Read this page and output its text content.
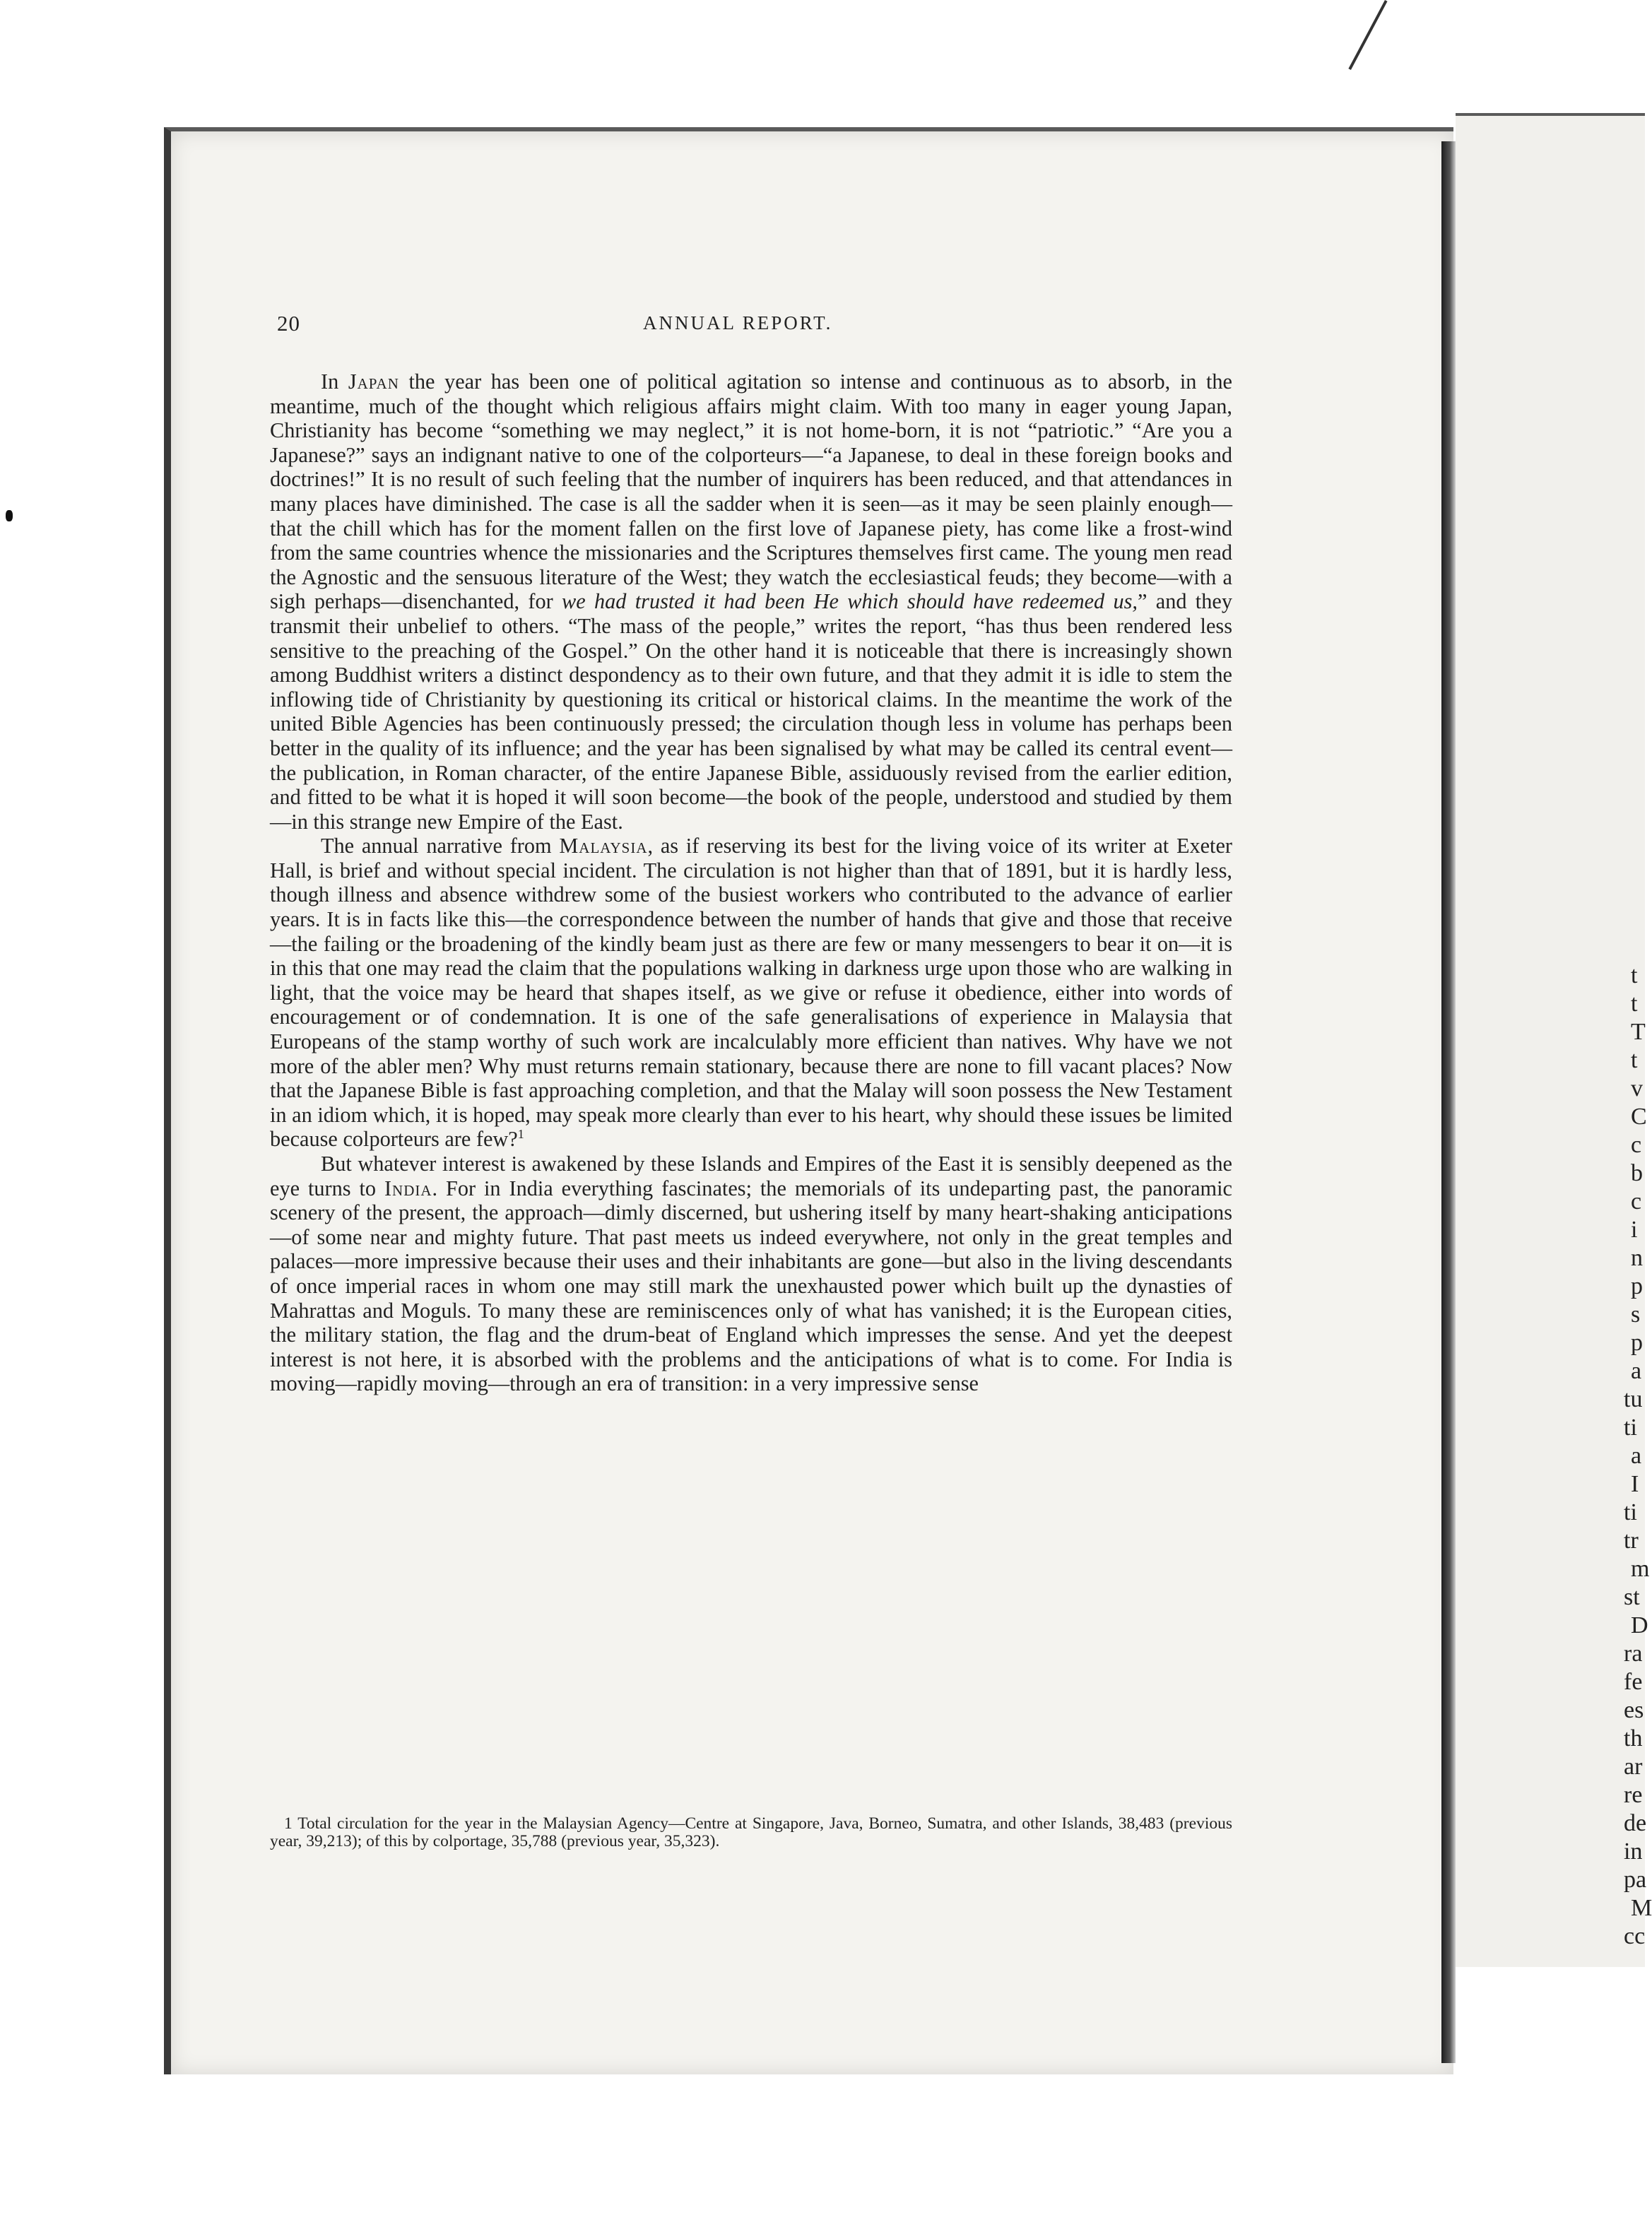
t
t
T
t
v
C
c
b
c
i
n
p
s
p
a
tu
ti
a
I
ti
tr
m
st
D
ra
fe
es
th
ar
re
de
in
pa
M
cc
20	ANNUAL REPORT.

In Japan the year has been one of political agitation so intense and continuous as to absorb, in the meantime, much of the thought which religious affairs might claim. With too many in eager young Japan, Christianity has become “something we may neglect,” it is not home-born, it is not “patriotic.” “Are you a Japanese?” says an indignant native to one of the colporteurs—“a Japanese, to deal in these foreign books and doctrines!” It is no result of such feeling that the number of inquirers has been reduced, and that attendances in many places have diminished. The case is all the sadder when it is seen—as it may be seen plainly enough—that the chill which has for the moment fallen on the first love of Japanese piety, has come like a frost-wind from the same countries whence the missionaries and the Scriptures themselves first came. The young men read the Agnostic and the sensuous literature of the West; they watch the ecclesiastical feuds; they become—with a sigh perhaps—disenchanted, for we had trusted it had been He which should have redeemed us,” and they transmit their unbelief to others. “The mass of the people,” writes the report, “has thus been rendered less sensitive to the preaching of the Gospel.” On the other hand it is noticeable that there is increasingly shown among Buddhist writers a distinct despondency as to their own future, and that they admit it is idle to stem the inflowing tide of Christianity by questioning its critical or historical claims. In the meantime the work of the united Bible Agencies has been continuously pressed; the circulation though less in volume has perhaps been better in the quality of its influence; and the year has been signalised by what may be called its central event—the publication, in Roman character, of the entire Japanese Bible, assiduously revised from the earlier edition, and fitted to be what it is hoped it will soon become—the book of the people, understood and studied by them—in this strange new Empire of the East.

The annual narrative from Malaysia, as if reserving its best for the living voice of its writer at Exeter Hall, is brief and without special incident. The circulation is not higher than that of 1891, but it is hardly less, though illness and absence withdrew some of the busiest workers who contributed to the advance of earlier years. It is in facts like this—the correspondence between the number of hands that give and those that receive—the failing or the broadening of the kindly beam just as there are few or many messengers to bear it on—it is in this that one may read the claim that the populations walking in darkness urge upon those who are walking in light, that the voice may be heard that shapes itself, as we give or refuse it obedience, either into words of encouragement or of condemnation. It is one of the safe generalisations of experience in Malaysia that Europeans of the stamp worthy of such work are incalculably more efficient than natives. Why have we not more of the abler men? Why must returns remain stationary, because there are none to fill vacant places? Now that the Japanese Bible is fast approaching completion, and that the Malay will soon possess the New Testament in an idiom which, it is hoped, may speak more clearly than ever to his heart, why should these issues be limited because colporteurs are few?$^1$

But whatever interest is awakened by these Islands and Empires of the East it is sensibly deepened as the eye turns to India. For in India everything fascinates; the memorials of its undeparting past, the panoramic scenery of the present, the approach—dimly discerned, but ushering itself by many heart-shaking anticipations—of some near and mighty future. That past meets us indeed everywhere, not only in the great temples and palaces—more impressive because their uses and their inhabitants are gone—but also in the living descendants of once imperial races in whom one may still mark the unexhausted power which built up the dynasties of Mahrattas and Moguls. To many these are reminiscences only of what has vanished; it is the European cities, the military station, the flag and the drum-beat of England which impresses the sense. And yet the deepest interest is not here, it is absorbed with the problems and the anticipations of what is to come. For India is moving—rapidly moving—through an era of transition: in a very impressive sense

1 Total circulation for the year in the Malaysian Agency—Centre at Singapore, Java, Borneo, Sumatra, and other Islands, 38,483 (previous year, 39,213); of this by colportage, 35,788 (previous year, 35,323).
